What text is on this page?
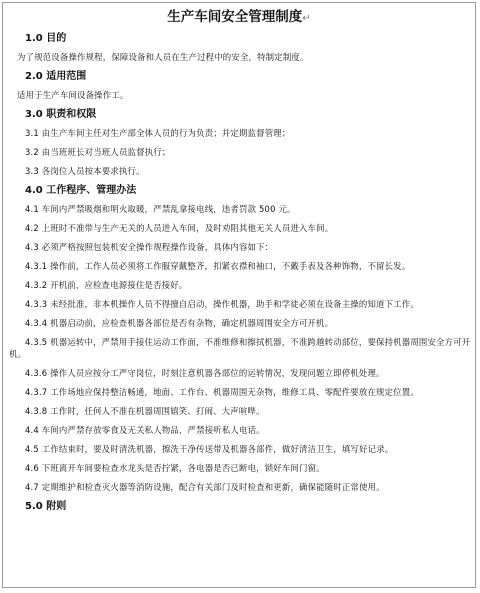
生产车间安全管理制度↵
1.0 目的
为了规范设备操作规程，保障设备和人员在生产过程中的安全，特制定制度。
2.0 适用范围
适用于生产车间设备操作工。
3.0 职责和权限
3.1 由生产车间主任对生产部全体人员的行为负责；并定期监督管理；
3.2 由当班班长对当班人员监督执行；
3.3 各岗位人员按本要求执行。
4.0 工作程序、管理办法
4.1 车间内严禁吸烟和明火取暖，严禁乱拿接电线，违者罚款 500 元。
4.2 上班时不准带与生产无关的人员进入车间，及时劝阻其他无关人员进入车间。
4.3 必须严格按照包装机安全操作规程操作设备，具体内容如下：
4.3.1 操作前，工作人员必须将工作服穿戴整齐，扣紧衣襟和袖口，不戴手表及各种饰物，不留长发。
4.3.2 开机前，应检查电源接住是否接好。
4.3.3 未经批准，非本机操作人员不得擅自启动，操作机器，助手和学徒必须在设备主操的知道下工作。
4.3.4 机器启动前，应检查机器各部位是否有杂物，确定机器周围安全方可开机。
4.3.5 机器运转中，严禁用手接住运动工作面，不准维修和擦拭机器，不准跨越转动部位，要保持机器周围安全方可开机。
4.3.6 操作人员应按分工严守岗位，时刻注意机器各部位的运转情况，发现问题立即停机处理。
4.3.7 工作场地应保持整洁畅通，地面、工作台、机器周围无杂物，维修工具、零配件要放在规定位置。
4.3.8 工作时，任何人不准在机器周围嬉笑、打闹、大声喧哗。
4.4 车间内严禁存放零食及无关私人物品，严禁接听私人电话。
4.5 工作结束时，要及时清洗机器，擦洗干净传送带及机器各部件，做好清洁卫生，填写好记录。
4.6 下班离开车间要检查水龙头是否拧紧，各电器是否已断电，锁好车间门窗。
4.7 定期维护和检查灭火器等消防设施，配合有关部门及时检查和更新，确保能随时正常使用。
5.0 附则
